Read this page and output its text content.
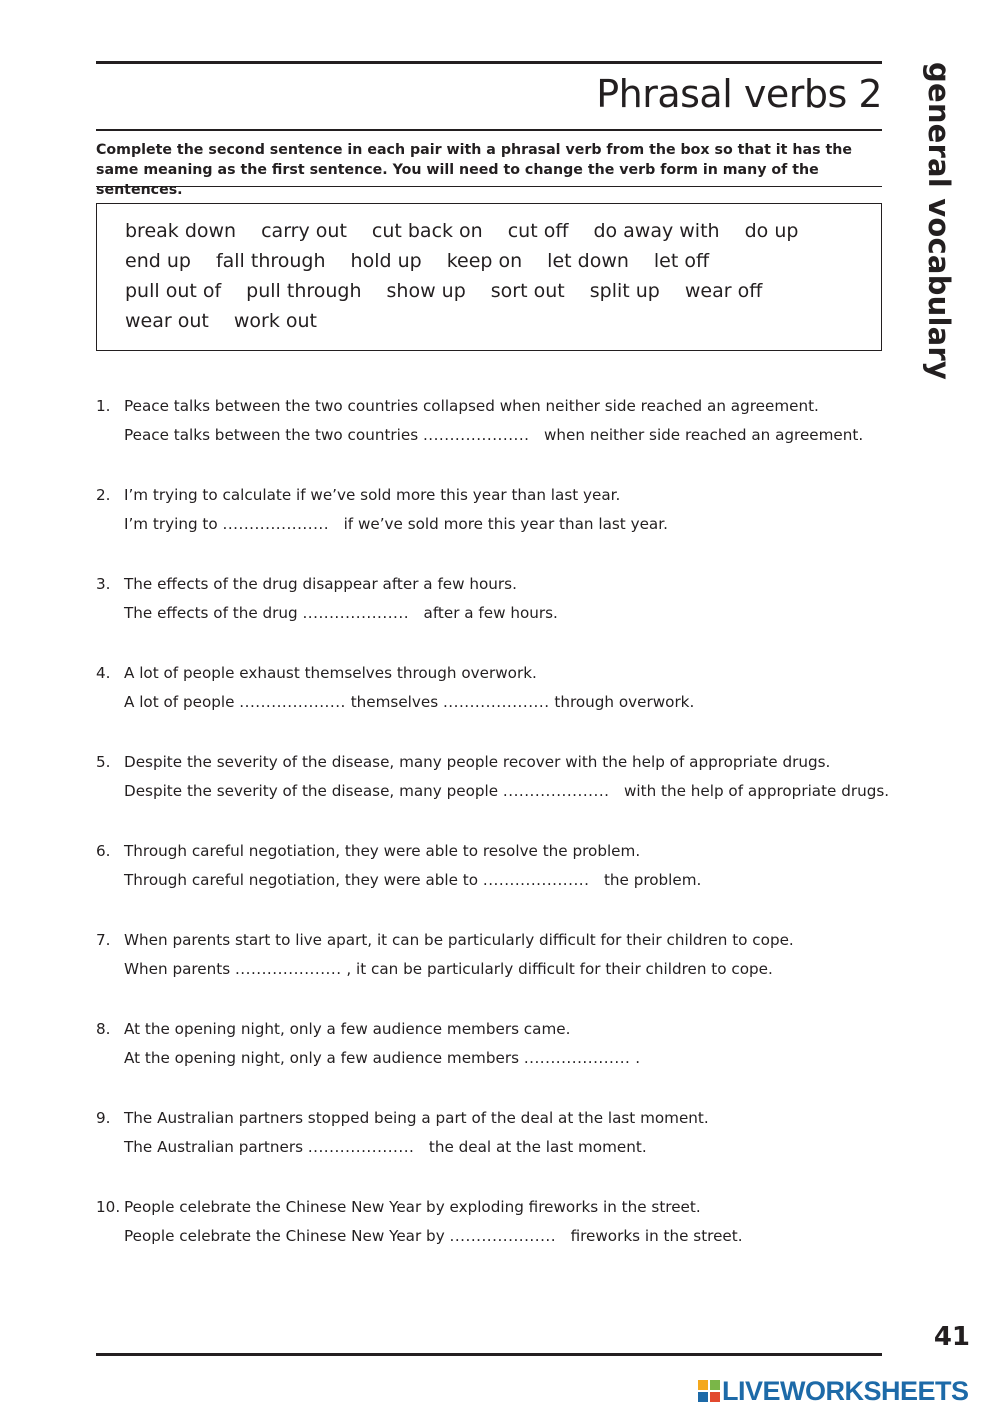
Phrasal verbs 2
Complete the second sentence in each pair with a phrasal verb from the box so that it has the same meaning as the first sentence. You will need to change the verb form in many of the sentences.	general vocabulary
break down carry out cut back on cut off do away with do up
end up fall through hold up keep on let down let off
pull out of pull through show up sort out split up wear off
wear out work out
1. Peace talks between the two countries collapsed when neither side reached an agreement.
Peace talks between the two countries .................... when neither side reached an agreement.
2. I’m trying to calculate if we’ve sold more this year than last year.
I’m trying to .................... if we’ve sold more this year than last year.
3. The effects of the drug disappear after a few hours.
The effects of the drug .................... after a few hours.
4. A lot of people exhaust themselves through overwork.
A lot of people .................... themselves .................... through overwork.
5. Despite the severity of the disease, many people recover with the help of appropriate drugs.
Despite the severity of the disease, many people .................... with the help of appropriate drugs.
6. Through careful negotiation, they were able to resolve the problem.
Through careful negotiation, they were able to .................... the problem.
7. When parents start to live apart, it can be particularly difficult for their children to cope.
When parents .................... , it can be particularly difficult for their children to cope.
8. At the opening night, only a few audience members came.
At the opening night, only a few audience members .................... .
9. The Australian partners stopped being a part of the deal at the last moment.
The Australian partners .................... the deal at the last moment.
10. People celebrate the Chinese New Year by exploding fireworks in the street.
People celebrate the Chinese New Year by .................... fireworks in the street.
41
LIVEWORKSHEETS
